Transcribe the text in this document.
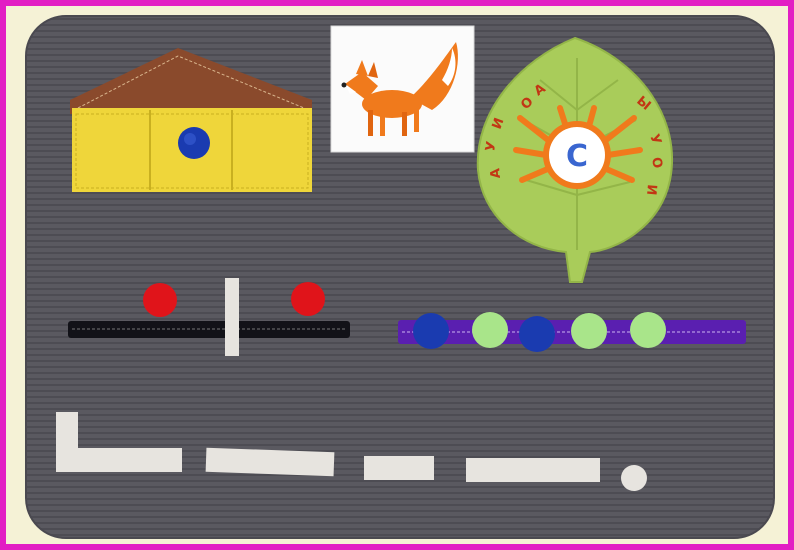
С
А
О
И
У
А
Ы
У
О
И
